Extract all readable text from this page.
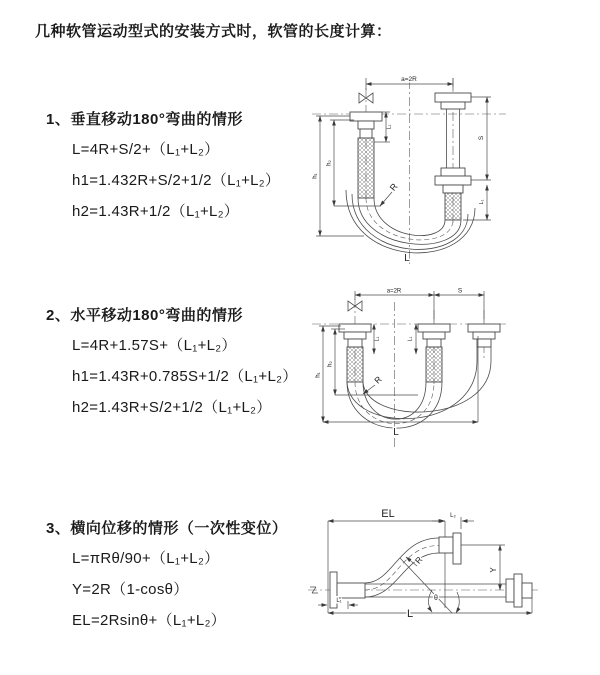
几种软管运动型式的安装方式时，软管的长度计算：
1、垂直移动180°弯曲的情形
L=4R+S/2+（L₁+L₂）
h1=1.432R+S/2+1/2（L₁+L₂）
h2=1.43R+1/2（L₁+L₂）
2、水平移动180°弯曲的情形
L=4R+1.57S+（L₁+L₂）
h1=1.43R+0.785S+1/2（L₁+L₂）
h2=1.43R+S/2+1/2（L₁+L₂）
3、横向位移的情形（一次性变位）
L=πRθ/90+（L₁+L₂）
Y=2R（1-cosθ）
EL=2Rsinθ+（L₁+L₂）
a=2R
L₁
S
L₁
h₁
h₂
R
L
a=2R	S
L₁	L₁
h₁
h₂
R
L
EL	L₂
R
θ
Y
L₁
L
